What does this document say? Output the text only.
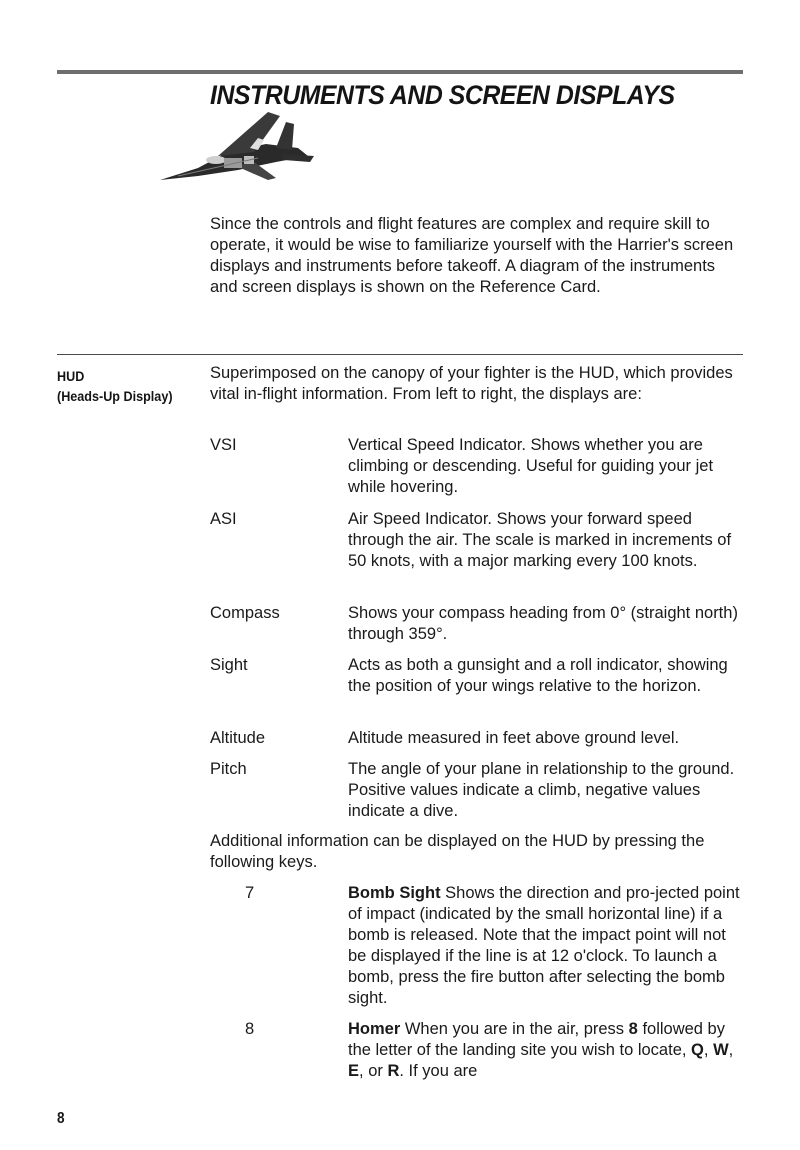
INSTRUMENTS AND SCREEN DISPLAYS

Since the controls and flight features are complex and require skill to operate, it would be wise to familiarize yourself with the Harrier's screen displays and instruments before takeoff. A diagram of the instruments and screen displays is shown on the Reference Card.

HUD
(Heads-Up Display)

Superimposed on the canopy of your fighter is the HUD, which provides vital in-flight information. From left to right, the displays are:

VSI	Vertical Speed Indicator. Shows whether you are climbing or descending. Useful for guiding your jet while hovering.

ASI	Air Speed Indicator. Shows your forward speed through the air. The scale is marked in increments of 50 knots, with a major marking every 100 knots.

Compass	Shows your compass heading from 0° (straight north) through 359°.

Sight	Acts as both a gunsight and a roll indicator, showing the position of your wings relative to the horizon.

Altitude	Altitude measured in feet above ground level.

Pitch	The angle of your plane in relationship to the ground. Positive values indicate a climb, negative values indicate a dive.

Additional information can be displayed on the HUD by pressing the following keys.

7	Bomb Sight Shows the direction and pro-jected point of impact (indicated by the small horizontal line) if a bomb is released. Note that the impact point will not be displayed if the line is at 12 o'clock. To launch a bomb, press the fire button after selecting the bomb sight.

8	Homer When you are in the air, press 8 followed by the letter of the landing site you wish to locate, Q, W, E, or R. If you are

8
